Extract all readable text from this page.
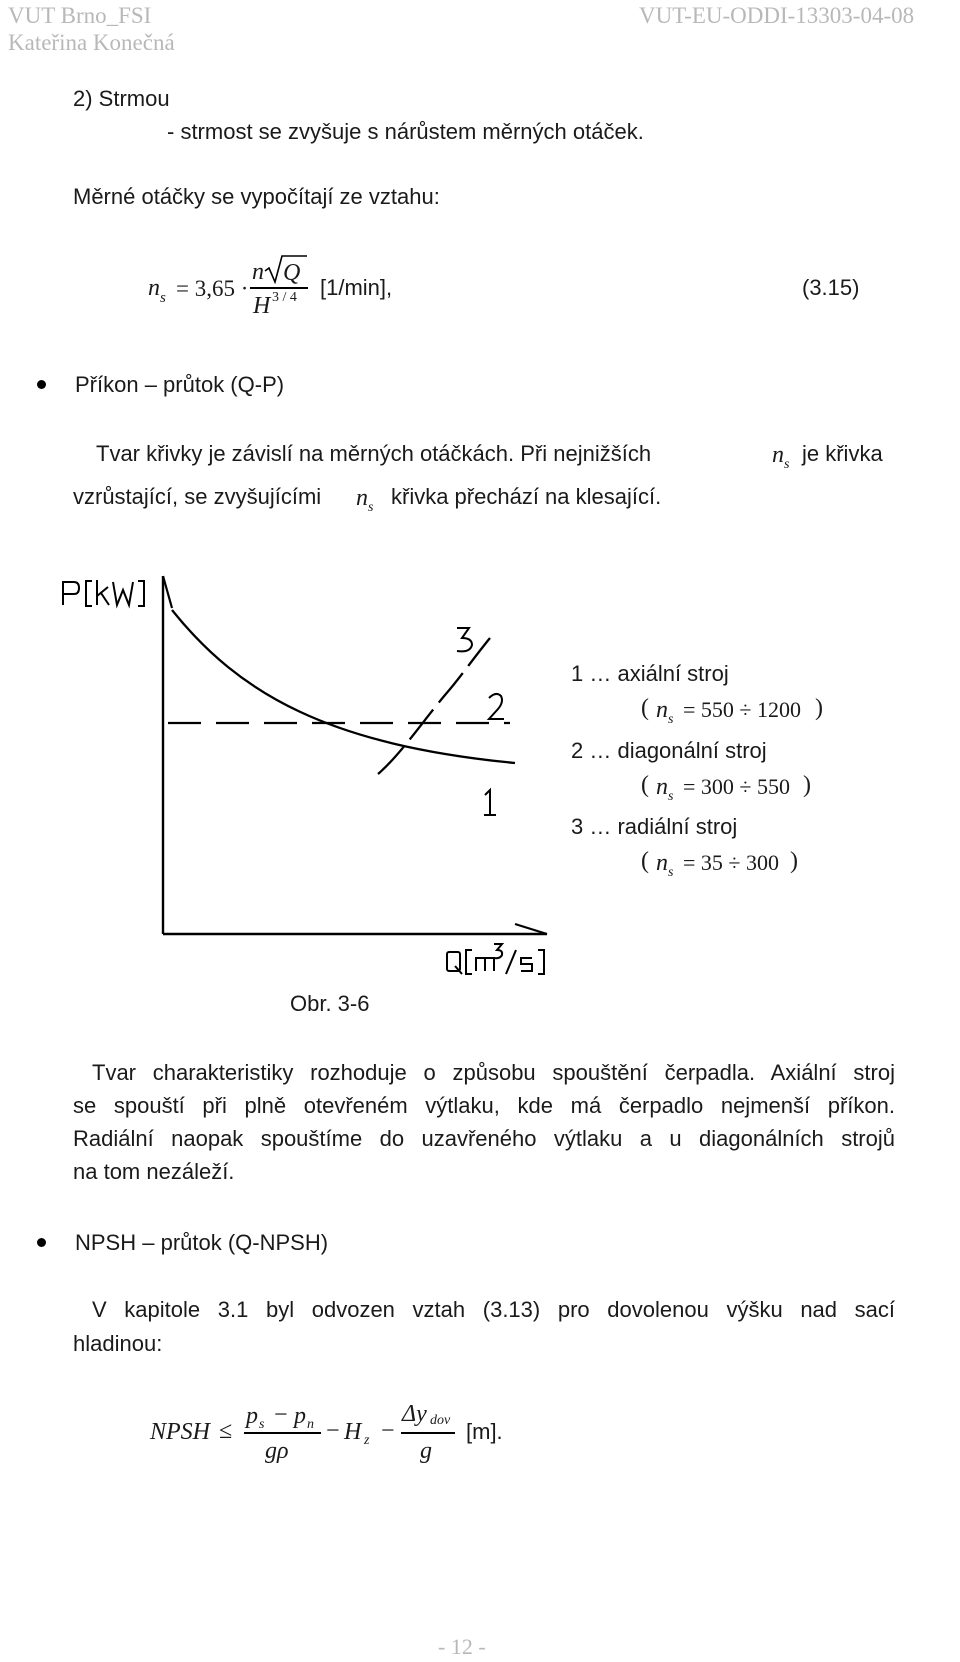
VUT Brno_FSI
Kateřina Konečná
VUT-EU-ODDI-13303-04-08
2) Strmou
- strmost se zvyšuje s nárůstem měrných otáček.
Měrné otáčky se vypočítají ze vztahu:
n s = 3,65 ·
n Q
H 3 / 4 [1/min],	(3.15)
Příkon – průtok (Q-P)
Tvar křivky je závislí na měrných otáčkách. Při nejnižších	n s je křivka
vzrůstající, se zvyšujícími n s křivka přechází na klesající.
1 … axiální stroj
( n s = 550 ÷ 1200 )
2 … diagonální stroj
( n s = 300 ÷ 550 )
3 … radiální stroj
( n s = 35 ÷ 300 )
Obr. 3-6
Tvar charakteristiky rozhoduje o způsobu spouštění čerpadla. Axiální stroj
se spouští při plně otevřeném výtlaku, kde má čerpadlo nejmenší příkon.
Radiální naopak spouštíme do uzavřeného výtlaku a u diagonálních strojů
na tom nezáleží.
NPSH – průtok (Q-NPSH)
V kapitole 3.1 byl odvozen vztah (3.13) pro dovolenou výšku nad sací
hladinou:
NPSH ≤
p s − p n
gρ
− H z −
Δy dov
g
[m].
- 12 -
